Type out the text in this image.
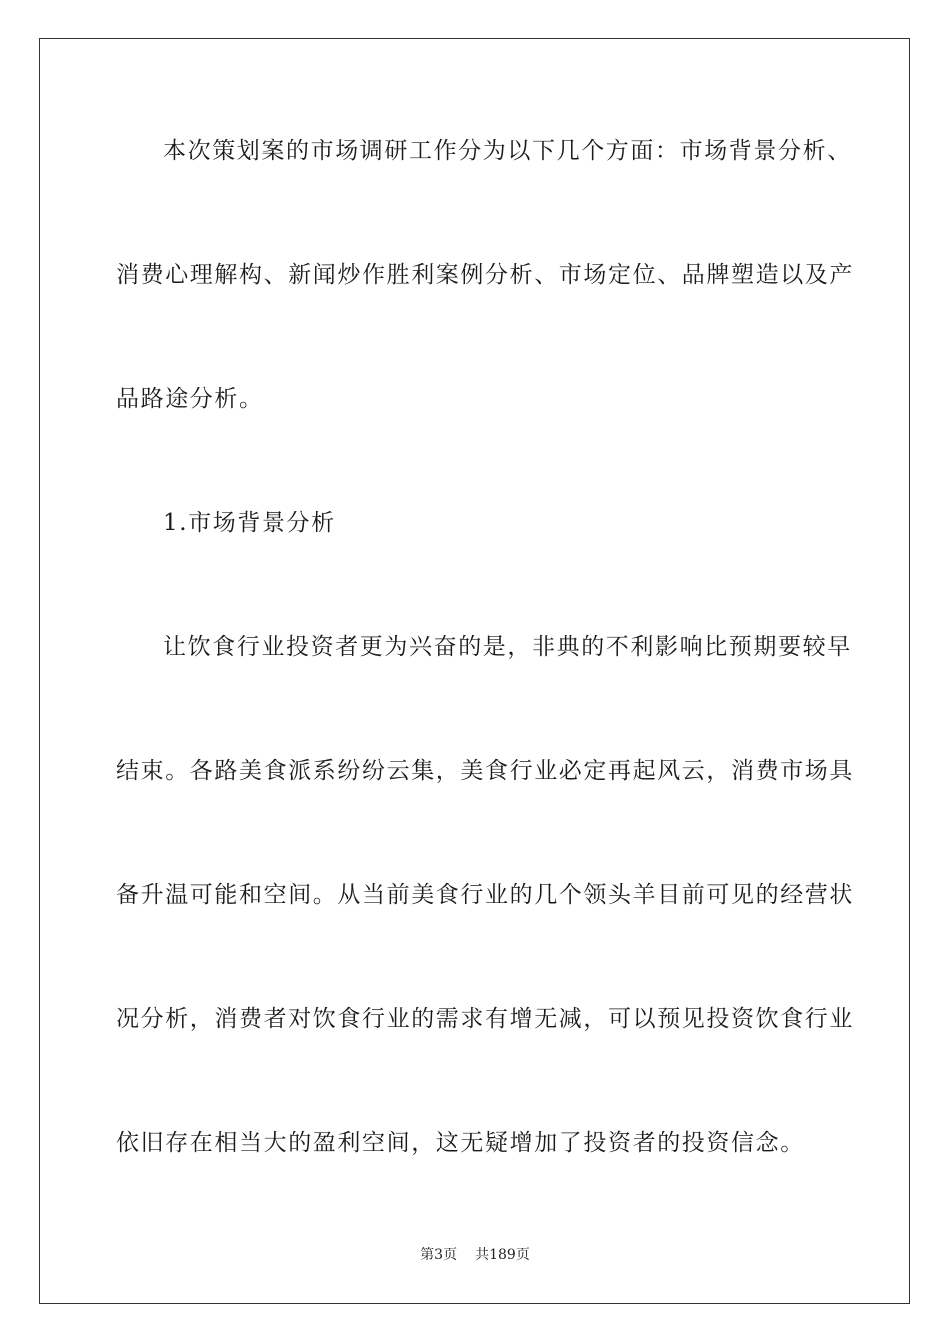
本次策划案的市场调研工作分为以下几个方面：市场背景分析、
消费心理解构、新闻炒作胜利案例分析、市场定位、品牌塑造以及产
品路途分析。
1.市场背景分析
让饮食行业投资者更为兴奋的是，非典的不利影响比预期要较早
结束。各路美食派系纷纷云集，美食行业必定再起风云，消费市场具
备升温可能和空间。从当前美食行业的几个领头羊目前可见的经营状
况分析，消费者对饮食行业的需求有增无减，可以预见投资饮食行业
依旧存在相当大的盈利空间，这无疑增加了投资者的投资信念。
第3页 共189页
